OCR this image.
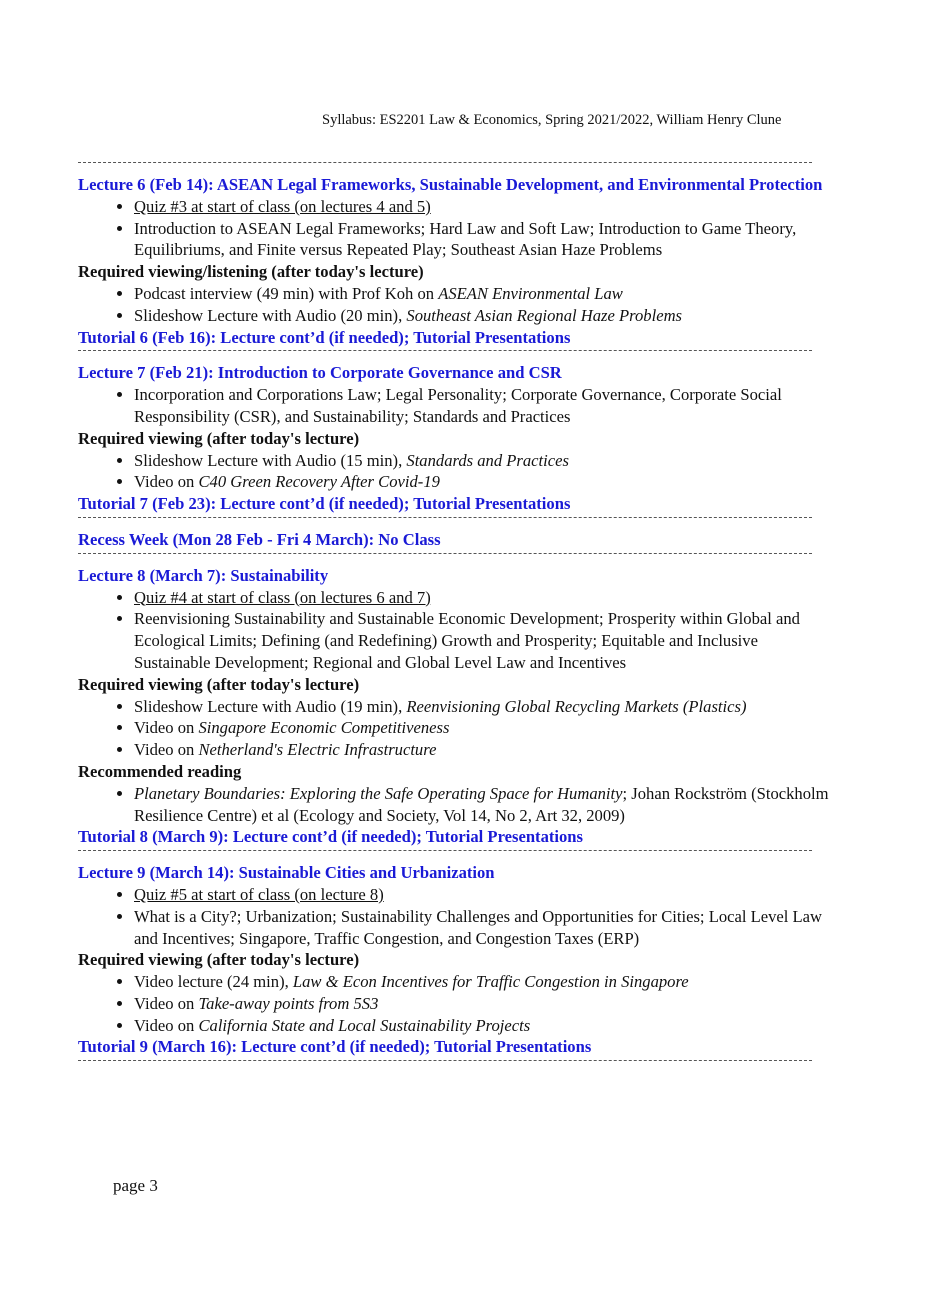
Syllabus: ES2201 Law & Economics, Spring 2021/2022, William Henry Clune
Lecture 6 (Feb 14): ASEAN Legal Frameworks, Sustainable Development, and Environmental Protection
• Quiz #3 at start of class (on lectures 4 and 5)
• Introduction to ASEAN Legal Frameworks; Hard Law and Soft Law; Introduction to Game Theory, Equilibriums, and Finite versus Repeated Play; Southeast Asian Haze Problems
Required viewing/listening (after today's lecture)
• Podcast interview (49 min) with Prof Koh on ASEAN Environmental Law
• Slideshow Lecture with Audio (20 min), Southeast Asian Regional Haze Problems
Tutorial 6 (Feb 16): Lecture cont’d (if needed); Tutorial Presentations
Lecture 7 (Feb 21): Introduction to Corporate Governance and CSR
• Incorporation and Corporations Law; Legal Personality; Corporate Governance, Corporate Social Responsibility (CSR), and Sustainability; Standards and Practices
Required viewing (after today's lecture)
• Slideshow Lecture with Audio (15 min), Standards and Practices
• Video on C40 Green Recovery After Covid-19
Tutorial 7 (Feb 23): Lecture cont’d (if needed); Tutorial Presentations
Recess Week (Mon 28 Feb - Fri 4 March): No Class
Lecture 8 (March 7): Sustainability
• Quiz #4 at start of class (on lectures 6 and 7)
• Reenvisioning Sustainability and Sustainable Economic Development; Prosperity within Global and Ecological Limits; Defining (and Redefining) Growth and Prosperity; Equitable and Inclusive Sustainable Development; Regional and Global Level Law and Incentives
Required viewing (after today's lecture)
• Slideshow Lecture with Audio (19 min), Reenvisioning Global Recycling Markets (Plastics)
• Video on Singapore Economic Competitiveness
• Video on Netherland's Electric Infrastructure
Recommended reading
• Planetary Boundaries: Exploring the Safe Operating Space for Humanity; Johan Rockström (Stockholm Resilience Centre) et al (Ecology and Society, Vol 14, No 2, Art 32, 2009)
Tutorial 8 (March 9): Lecture cont’d (if needed); Tutorial Presentations
Lecture 9 (March 14): Sustainable Cities and Urbanization
• Quiz #5 at start of class (on lecture 8)
• What is a City?; Urbanization; Sustainability Challenges and Opportunities for Cities; Local Level Law and Incentives; Singapore, Traffic Congestion, and Congestion Taxes (ERP)
Required viewing (after today's lecture)
• Video lecture (24 min), Law & Econ Incentives for Traffic Congestion in Singapore
• Video on Take-away points from 5S3
• Video on California State and Local Sustainability Projects
Tutorial 9 (March 16): Lecture cont’d (if needed); Tutorial Presentations
page 3
